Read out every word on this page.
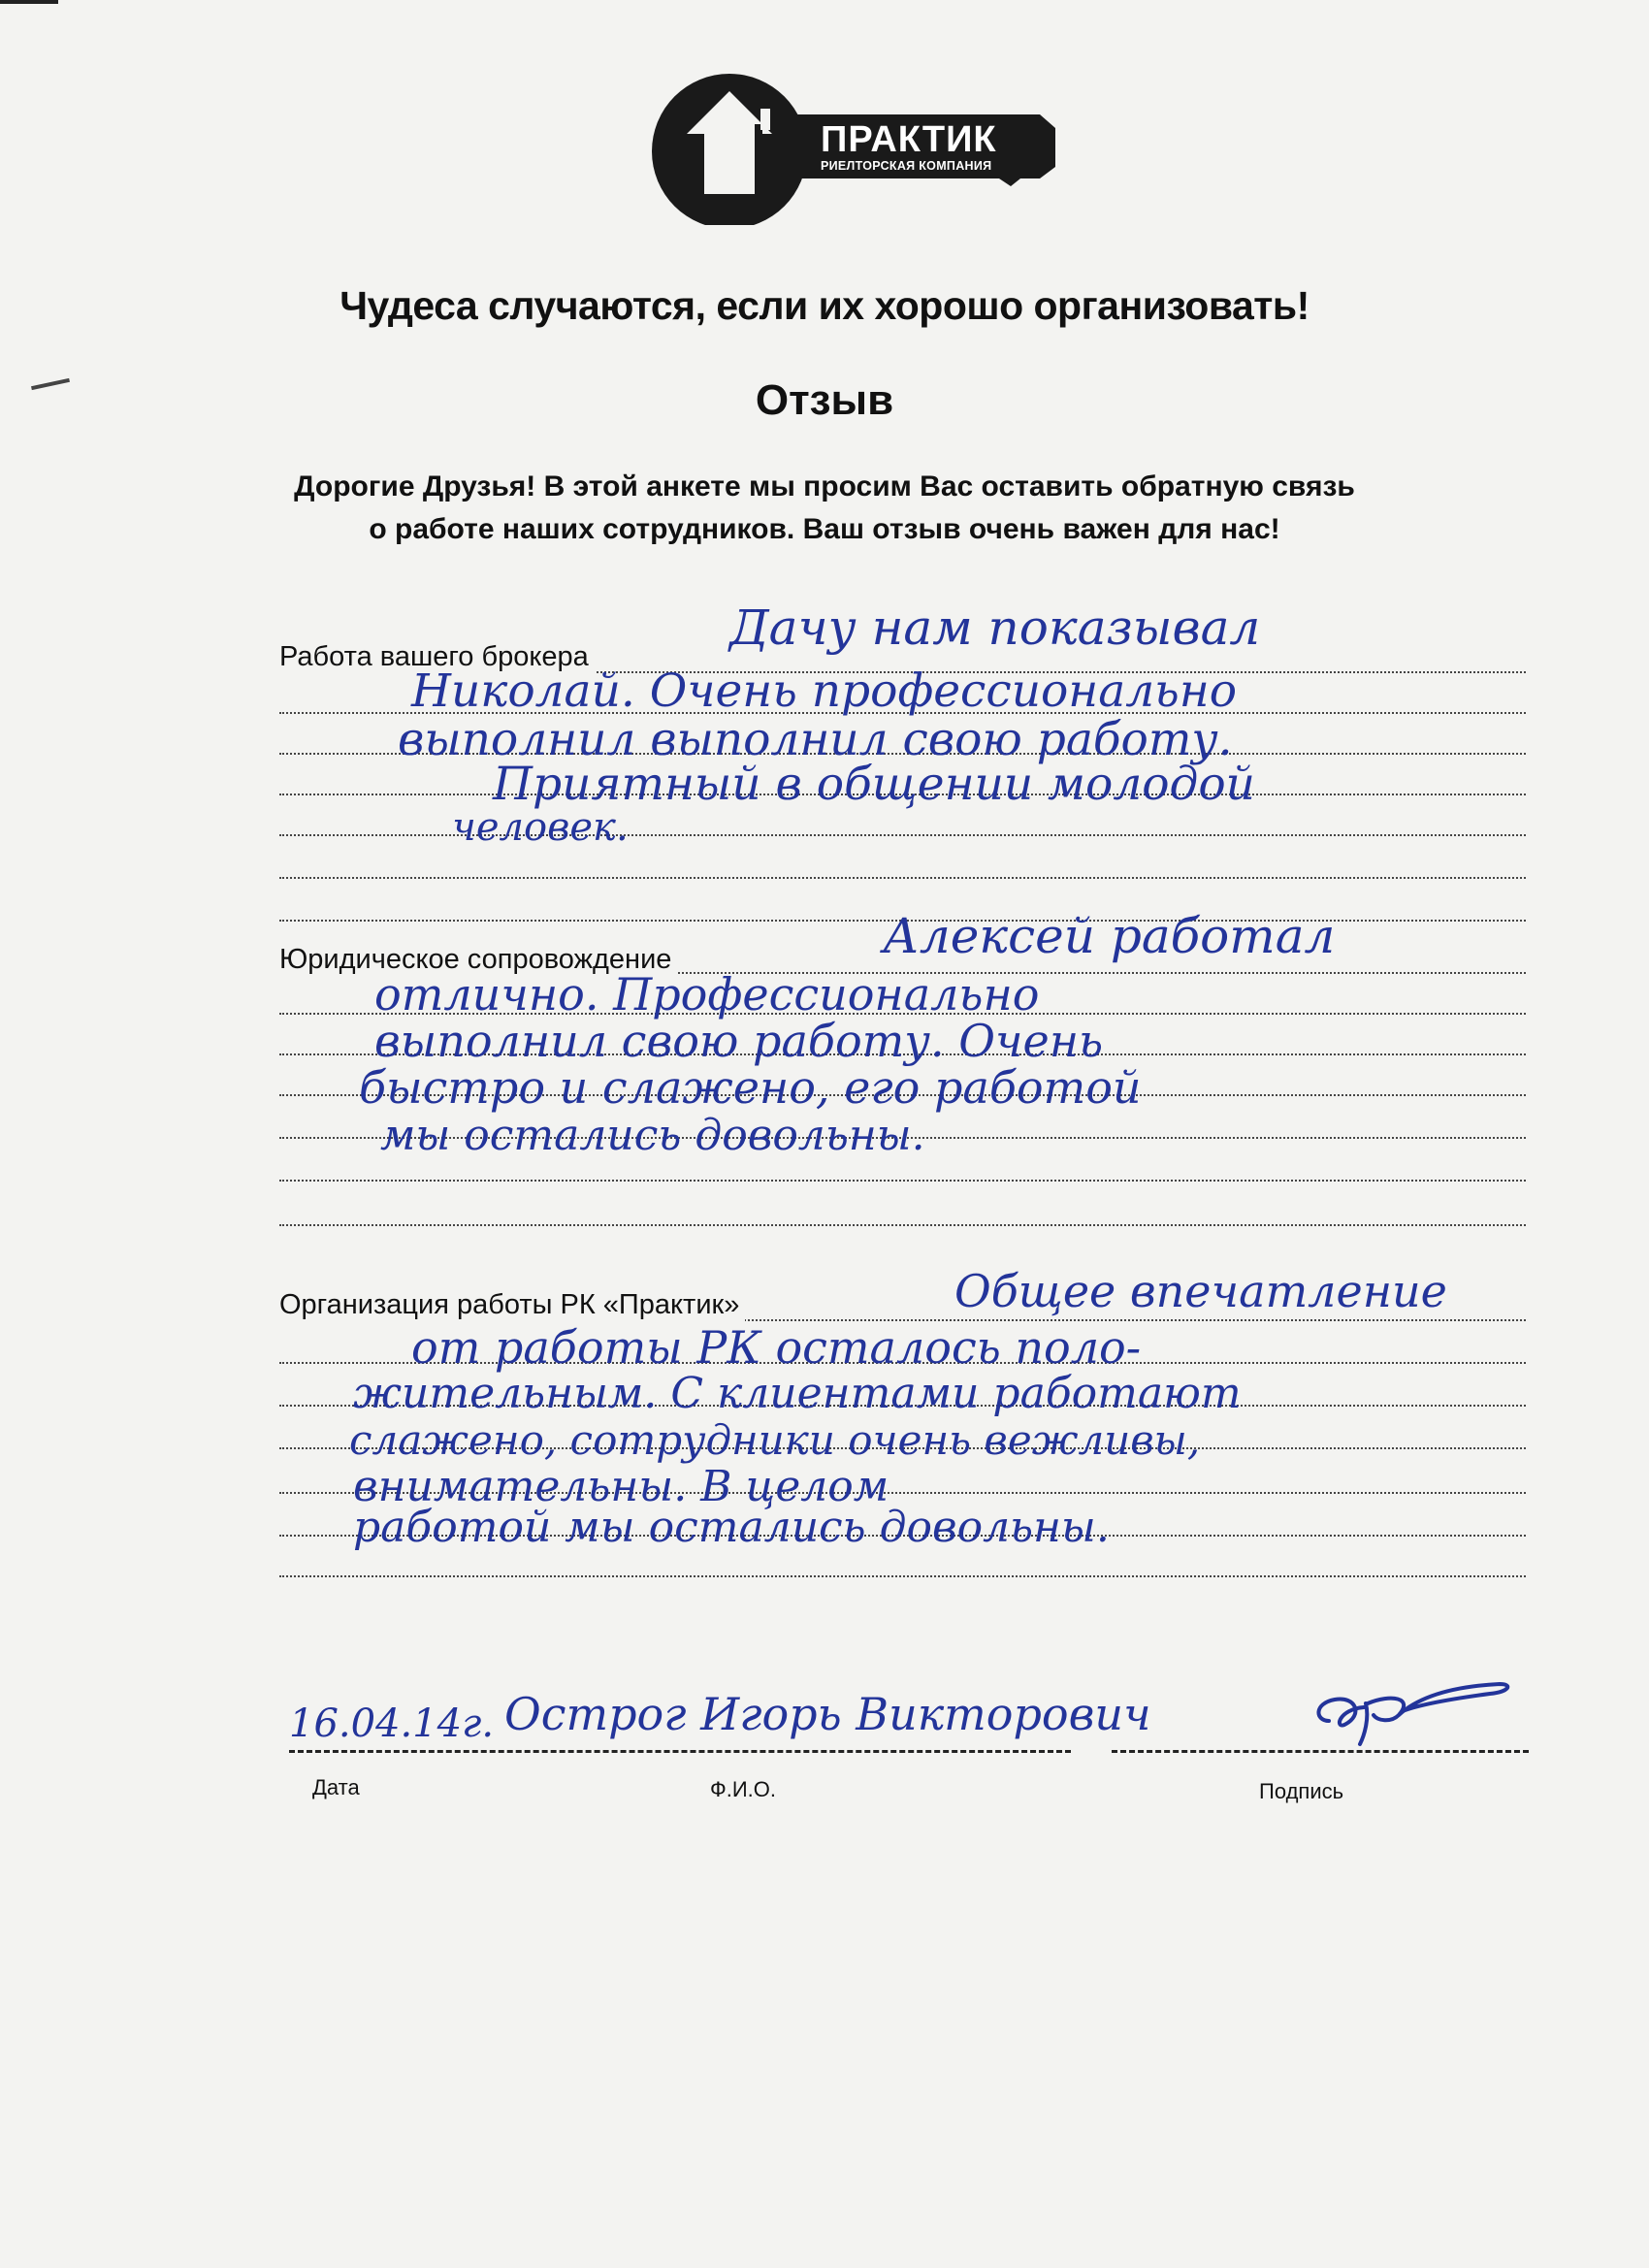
ПРАКТИК
РИЕЛТОРСКАЯ КОМПАНИЯ
Чудеса случаются, если их хорошо организовать!
Отзыв
Дорогие Друзья! В этой анкете мы просим Вас оставить обратную связь
о работе наших сотрудников. Ваш отзыв очень важен для нас!
Работа вашего брокера
Дачу нам показывал
Николай. Очень профессионально
выполнил выполнил свою работу.
Приятный в общении молодой
человек.
Юридическое сопровождение	Алексей работал
отлично. Профессионально
выполнил свою работу. Очень
быстро и слажено, его работой
мы остались довольны.
Организация работы РК «Практик»	Общее впечатление
от работы РК осталось поло-
жительным. С клиентами работают
слажено, сотрудники очень вежливы,
внимательны. В целом
работой мы остались довольны.
16.04.14г. Острог Игорь Викторович
Дата	Ф.И.О.	Подпись
